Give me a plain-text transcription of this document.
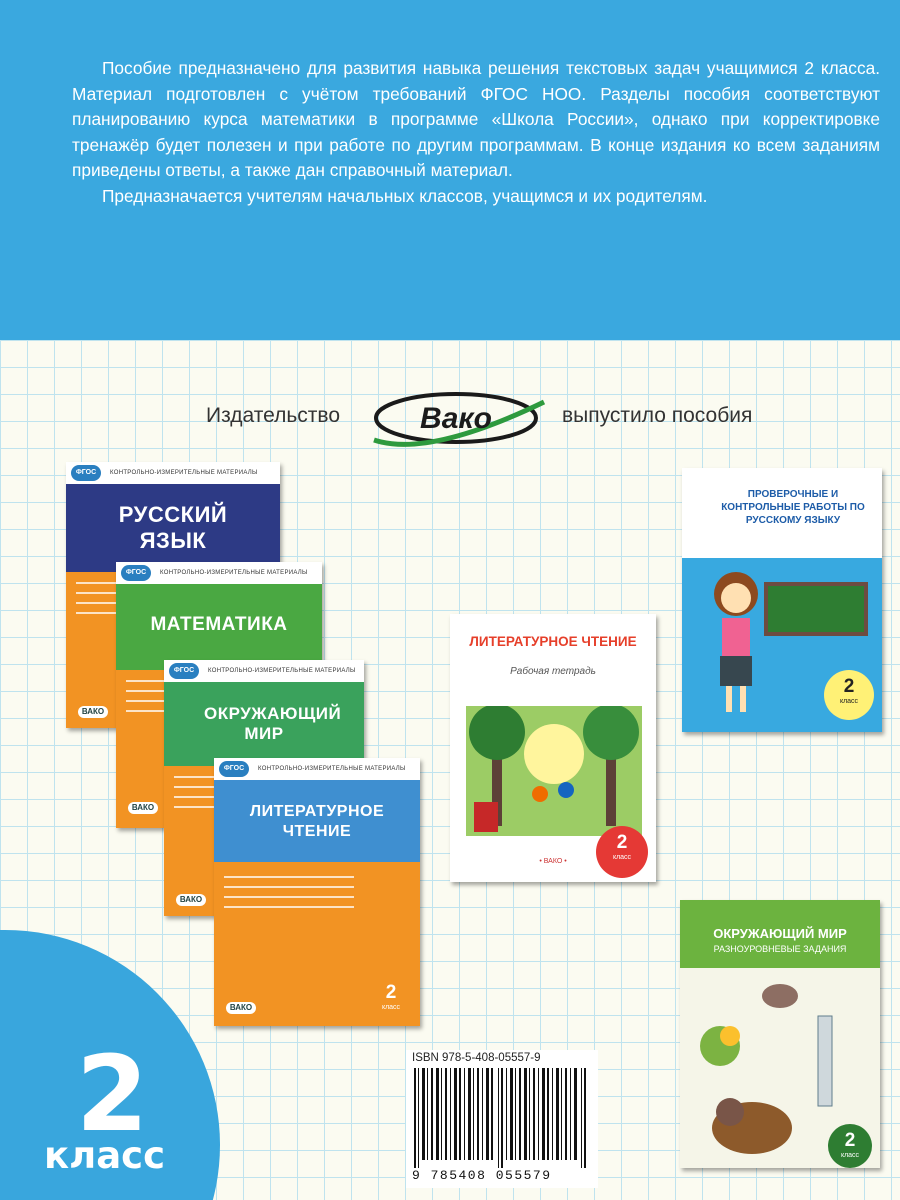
Пособие предназначено для развития навыка решения текстовых задач учащимися 2 класса. Материал подготовлен с учётом требований ФГОС НОО. Разделы пособия соответствуют планированию курса математики в программе «Школа России», однако при корректировке тренажёр будет полезен и при работе по другим программам. В конце издания ко всем заданиям приведены ответы, а также дан справочный материал.

Предназначается учителям начальных классов, учащимся и их родителям.

Издательство	Вако	выпустило пособия
КОНТРОЛЬНО-ИЗМЕРИТЕЛЬНЫЕ МАТЕРИАЛЫ
ФГОС
РУССКИЙ ЯЗЫК
ВАКО
КОНТРОЛЬНО-ИЗМЕРИТЕЛЬНЫЕ МАТЕРИАЛЫ
ФГОС
МАТЕМАТИКА
ВАКО
КОНТРОЛЬНО-ИЗМЕРИТЕЛЬНЫЕ МАТЕРИАЛЫ
ФГОС
ОКРУЖАЮЩИЙ МИР
ВАКО
КОНТРОЛЬНО-ИЗМЕРИТЕЛЬНЫЕ МАТЕРИАЛЫ
ФГОС
ЛИТЕРАТУРНОЕ ЧТЕНИЕ
2
класс
ВАКО
ЛИТЕРАТУРНОЕ ЧТЕНИЕ
Рабочая тетрадь
• ВАКО •
2
класс
ПРОВЕРОЧНЫЕ И КОНТРОЛЬНЫЕ РАБОТЫ ПО РУССКОМУ ЯЗЫКУ
2
класс
ОКРУЖАЮЩИЙ МИР
РАЗНОУРОВНЕВЫЕ ЗАДАНИЯ
2
класс
2
класс
ISBN 978-5-408-05557-9
9 785408 055579
